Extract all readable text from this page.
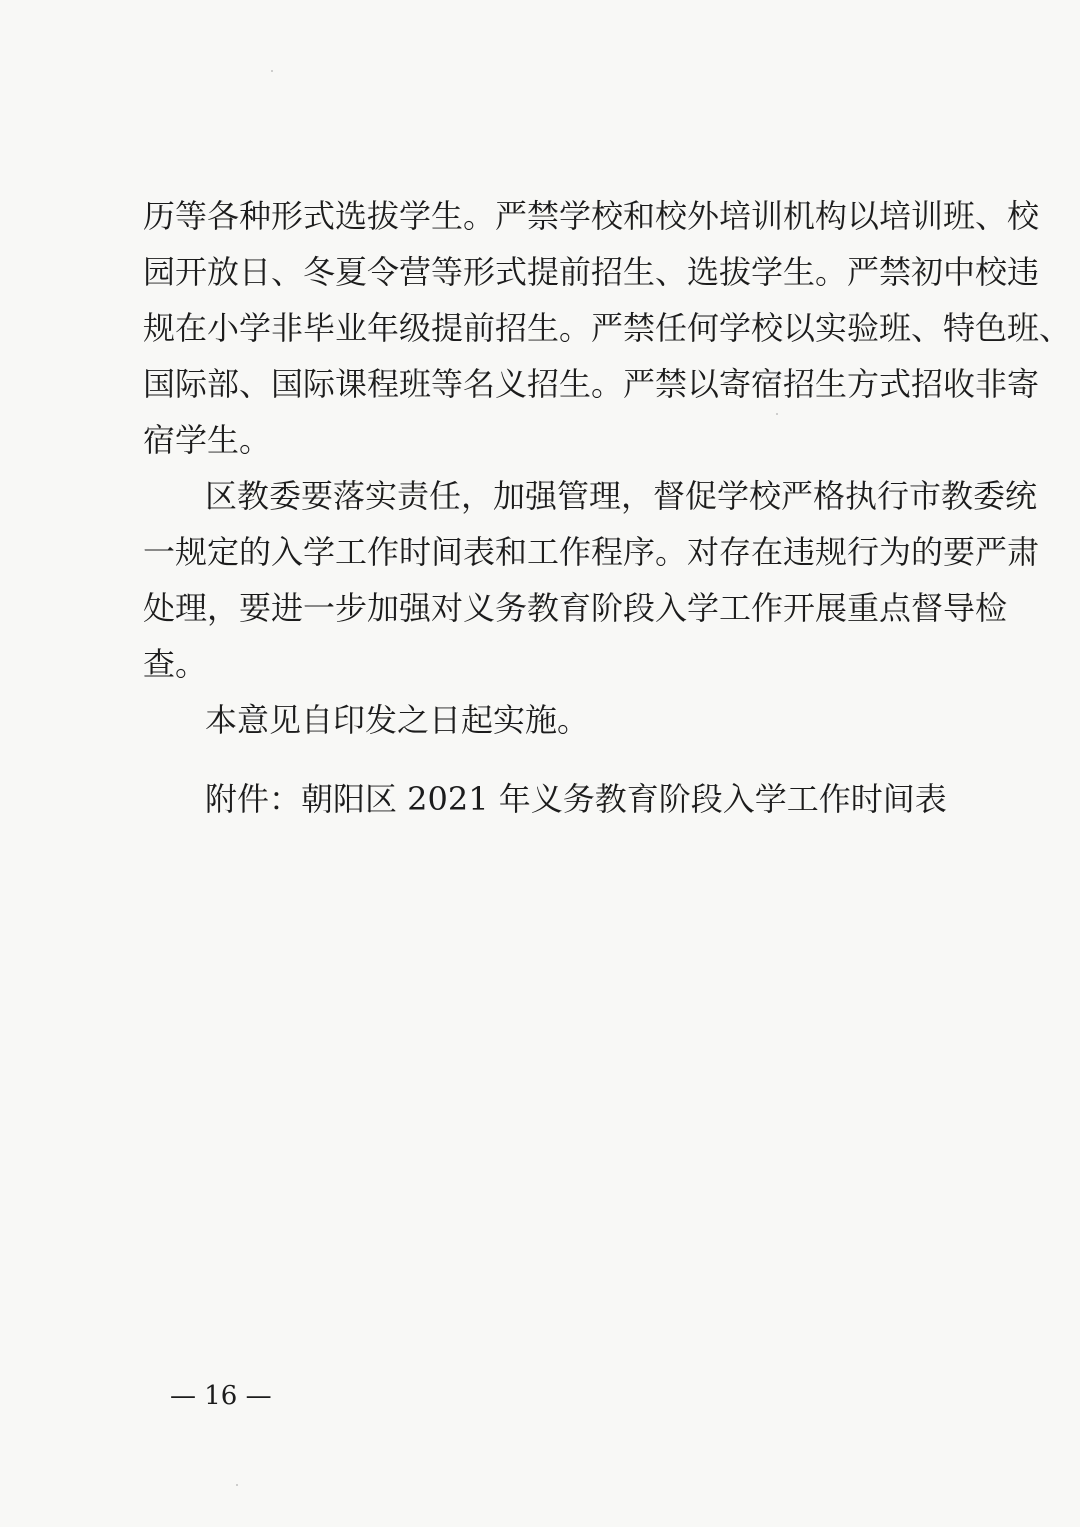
历等各种形式选拔学生。严禁学校和校外培训机构以培训班、校
园开放日、冬夏令营等形式提前招生、选拔学生。严禁初中校违
规在小学非毕业年级提前招生。严禁任何学校以实验班、特色班、
国际部、国际课程班等名义招生。严禁以寄宿招生方式招收非寄
宿学生。
区教委要落实责任，加强管理，督促学校严格执行市教委统
一规定的入学工作时间表和工作程序。对存在违规行为的要严肃
处理，要进一步加强对义务教育阶段入学工作开展重点督导检
查。
本意见自印发之日起实施。
附件：朝阳区 2021 年义务教育阶段入学工作时间表
— 16 —
